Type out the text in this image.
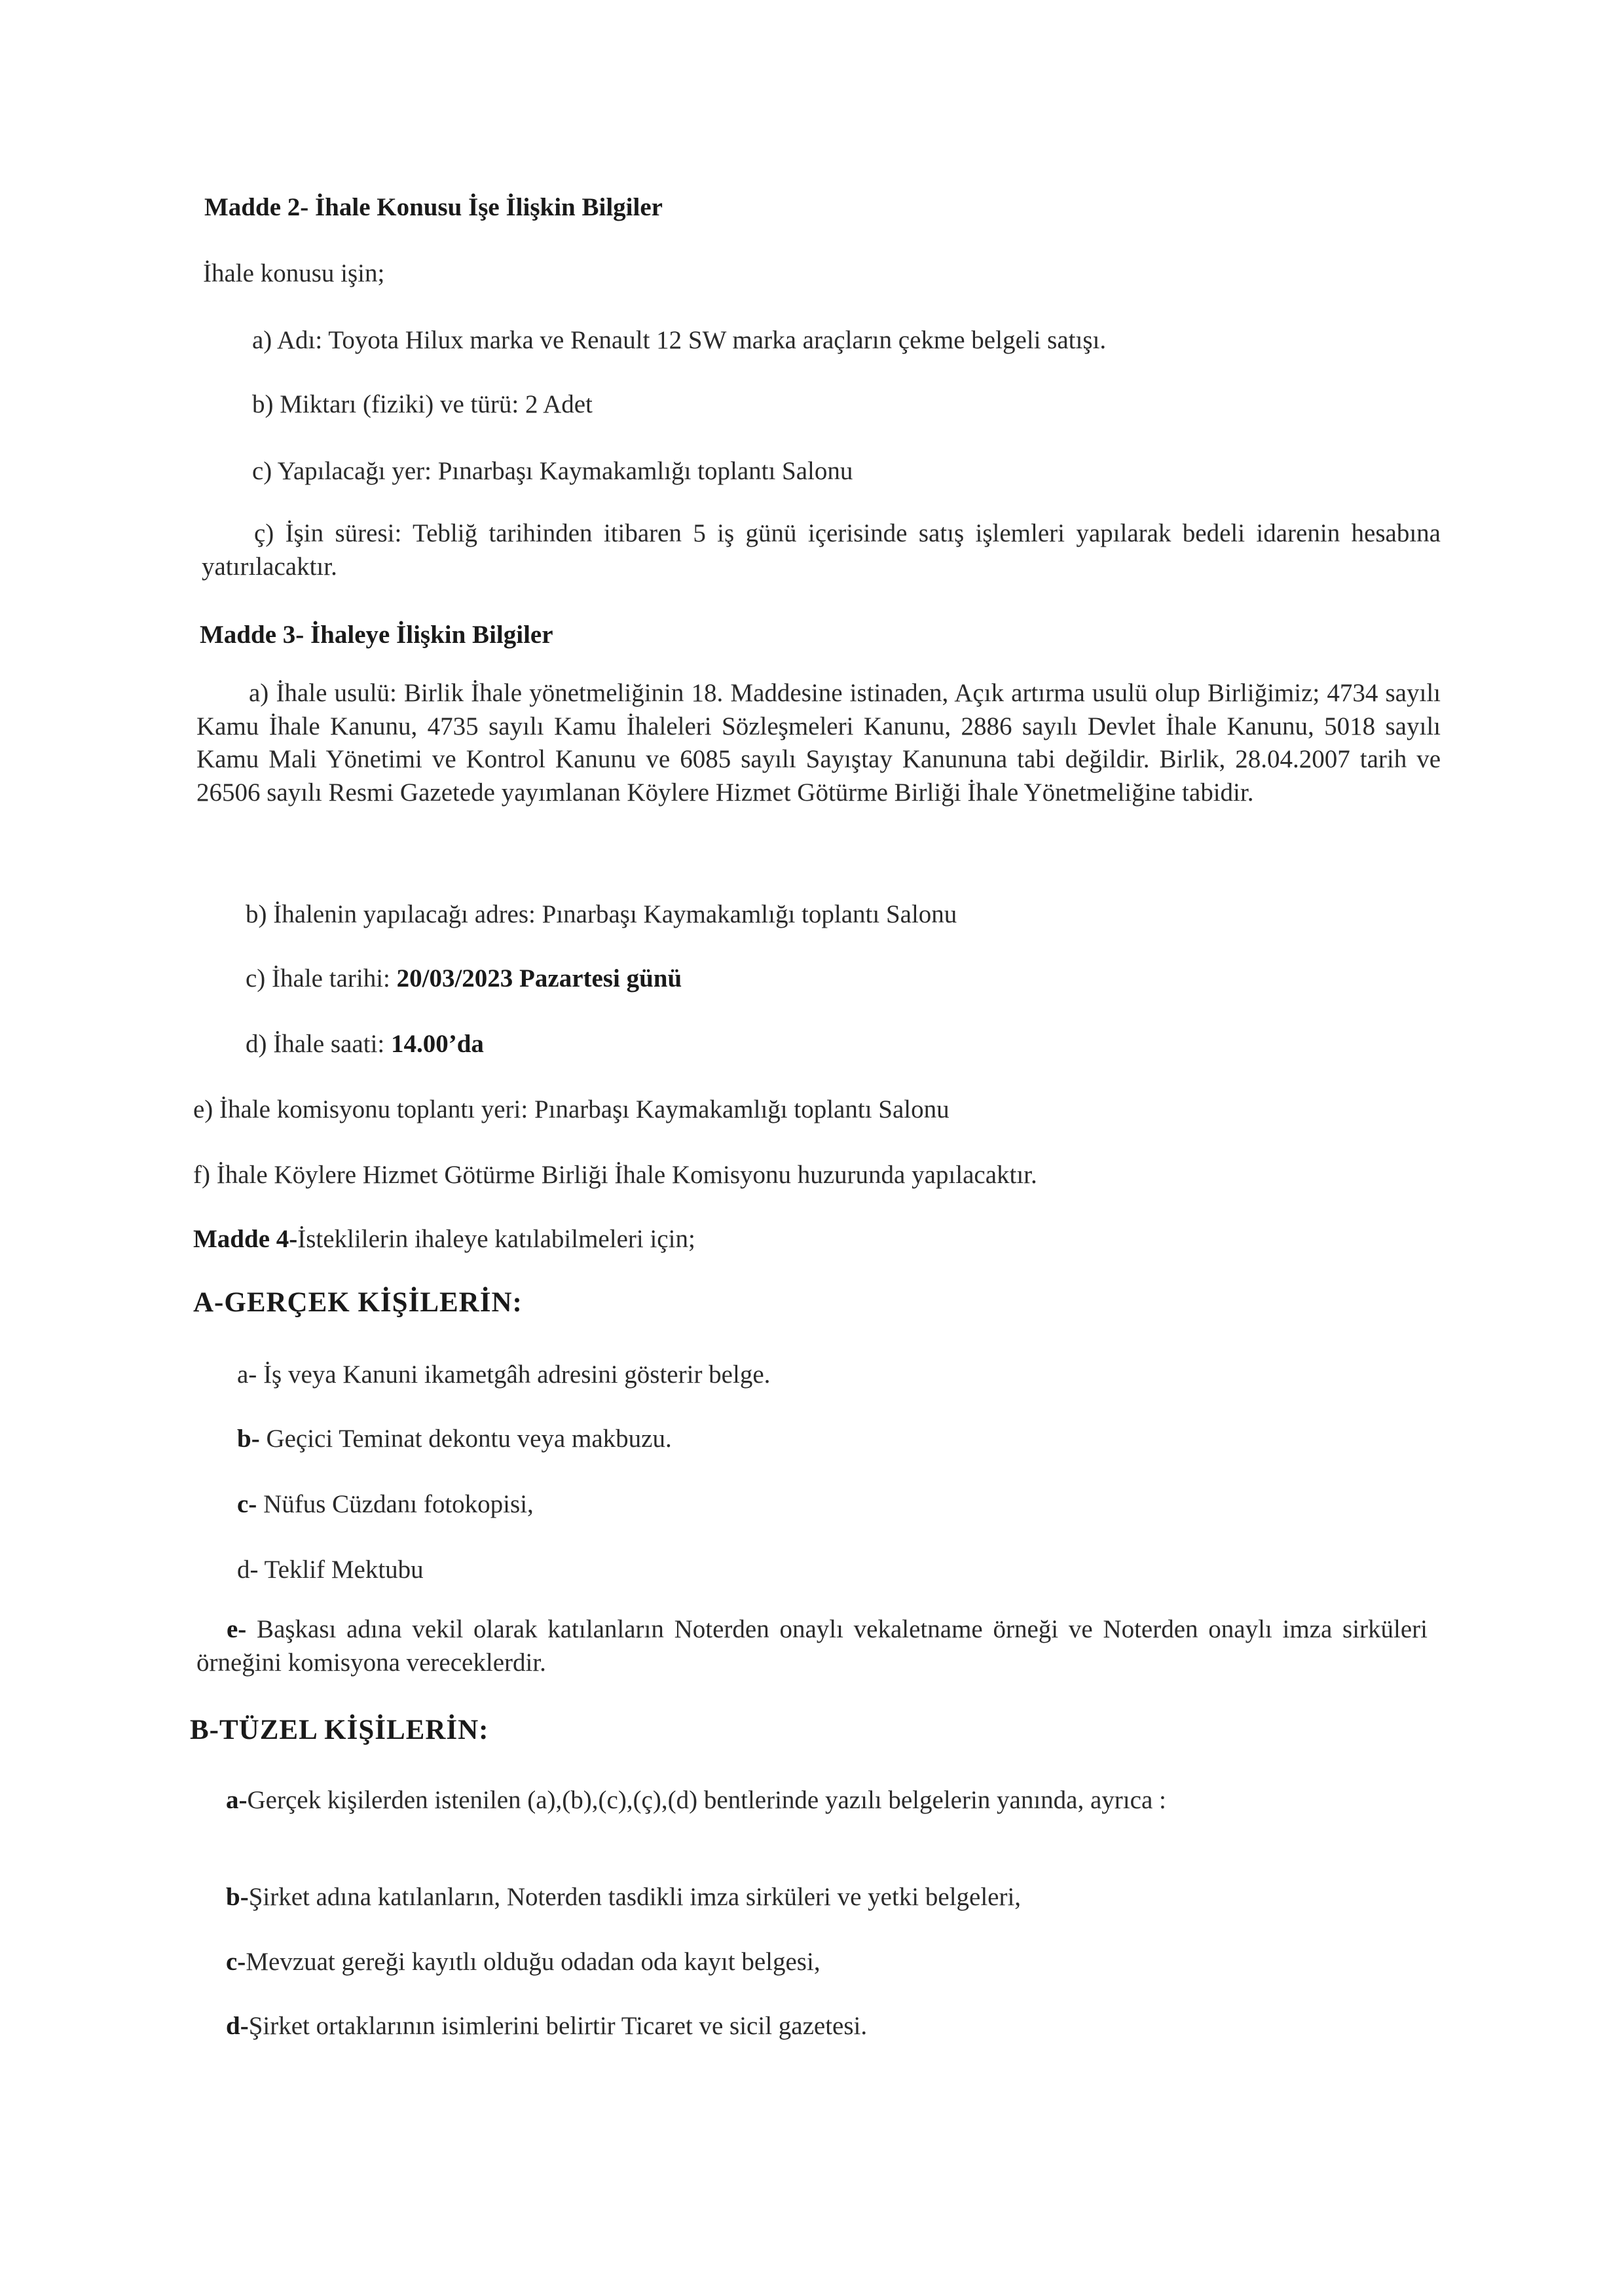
Madde 2- İhale Konusu İşe İlişkin Bilgiler

İhale konusu işin;

a) Adı: Toyota Hilux marka ve Renault 12 SW marka araçların çekme belgeli satışı.

b) Miktarı (fiziki) ve türü: 2 Adet

c) Yapılacağı yer: Pınarbaşı Kaymakamlığı toplantı Salonu

ç) İşin süresi: Tebliğ tarihinden itibaren 5 iş günü içerisinde satış işlemleri yapılarak bedeli idarenin hesabına yatırılacaktır.

Madde 3- İhaleye İlişkin Bilgiler

a) İhale usulü: Birlik İhale yönetmeliğinin 18. Maddesine istinaden, Açık artırma usulü olup Birliğimiz; 4734 sayılı Kamu İhale Kanunu, 4735 sayılı Kamu İhaleleri Sözleşmeleri Kanunu, 2886 sayılı Devlet İhale Kanunu, 5018 sayılı Kamu Mali Yönetimi ve Kontrol Kanunu ve 6085 sayılı Sayıştay Kanununa tabi değildir. Birlik, 28.04.2007 tarih ve 26506 sayılı Resmi Gazetede yayımlanan Köylere Hizmet Götürme Birliği İhale Yönetmeliğine tabidir.

b) İhalenin yapılacağı adres: Pınarbaşı Kaymakamlığı toplantı Salonu

c) İhale tarihi: 20/03/2023 Pazartesi günü

d) İhale saati: 14.00’da

e) İhale komisyonu toplantı yeri: Pınarbaşı Kaymakamlığı toplantı Salonu

f) İhale Köylere Hizmet Götürme Birliği İhale Komisyonu huzurunda yapılacaktır.

Madde 4-İsteklilerin ihaleye katılabilmeleri için;

A-GERÇEK KİŞİLERİN:

a- İş veya Kanuni ikametgâh adresini gösterir belge.

b- Geçici Teminat dekontu veya makbuzu.

c- Nüfus Cüzdanı fotokopisi,

d- Teklif Mektubu

e- Başkası adına vekil olarak katılanların Noterden onaylı vekaletname örneği ve Noterden onaylı imza sirküleri örneğini komisyona vereceklerdir.

B-TÜZEL KİŞİLERİN:

a-Gerçek kişilerden istenilen (a),(b),(c),(ç),(d) bentlerinde yazılı belgelerin yanında, ayrıca :

b-Şirket adına katılanların, Noterden tasdikli imza sirküleri ve yetki belgeleri,

c-Mevzuat gereği kayıtlı olduğu odadan oda kayıt belgesi,

d-Şirket ortaklarının isimlerini belirtir Ticaret ve sicil gazetesi.
